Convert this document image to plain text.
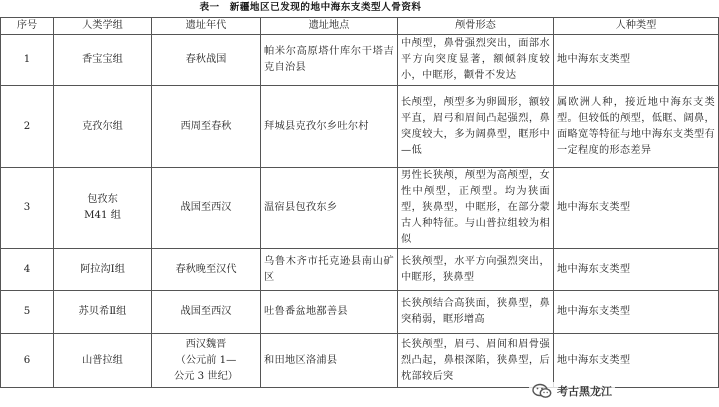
表一　新疆地区已发现的地中海东支类型人骨资料
序号	人类学组	遗址年代	遗址地点	颅骨形态	人种类型
1	香宝宝组	春秋战国	帕米尔高原塔什库尔干塔吉克自治县	中颅型，鼻骨强烈突出，面部水平方向突度显著，额倾斜度较小，中眶形，颧骨不发达	地中海东支类型
2	克孜尔组	西周至春秋	拜城县克孜尔乡吐尔村	长颅型，颅型多为卵圆形，额较平直，眉弓和眉间凸起强烈，鼻突度较大，多为阔鼻型，眶形中—低	属欧洲人种，接近地中海东支类型。但较低的颅型，低眶、阔鼻，面略宽等特征与地中海东支类型有一定程度的形态差异
3	包孜东
M41 组	战国至西汉	温宿县包孜东乡	男性长狭颅，颅型为高颅型，女性中颅型，正颅型。均为狭面型，狭鼻型，中眶形，在部分蒙古人种特征。与山普拉组较为相似	地中海东支类型
4	阿拉沟Ⅰ组	春秋晚至汉代	乌鲁木齐市托克逊县南山矿区	长狭颅型，水平方向强烈突出，中眶形，狭鼻型	地中海东支类型
5	苏贝希Ⅱ组	战国至西汉	吐鲁番盆地鄯善县	长狭颅结合高狭面，狭鼻型，鼻突稍弱，眶形增高	地中海东支类型
6	山普拉组	西汉魏晋
（公元前 1—
公元 3 世纪）	和田地区洛浦县	长狭颅型，眉弓、眉间和眉骨强烈凸起，鼻根深陷，狭鼻型，后枕部较后突	地中海东支类型
考古黑龙江
